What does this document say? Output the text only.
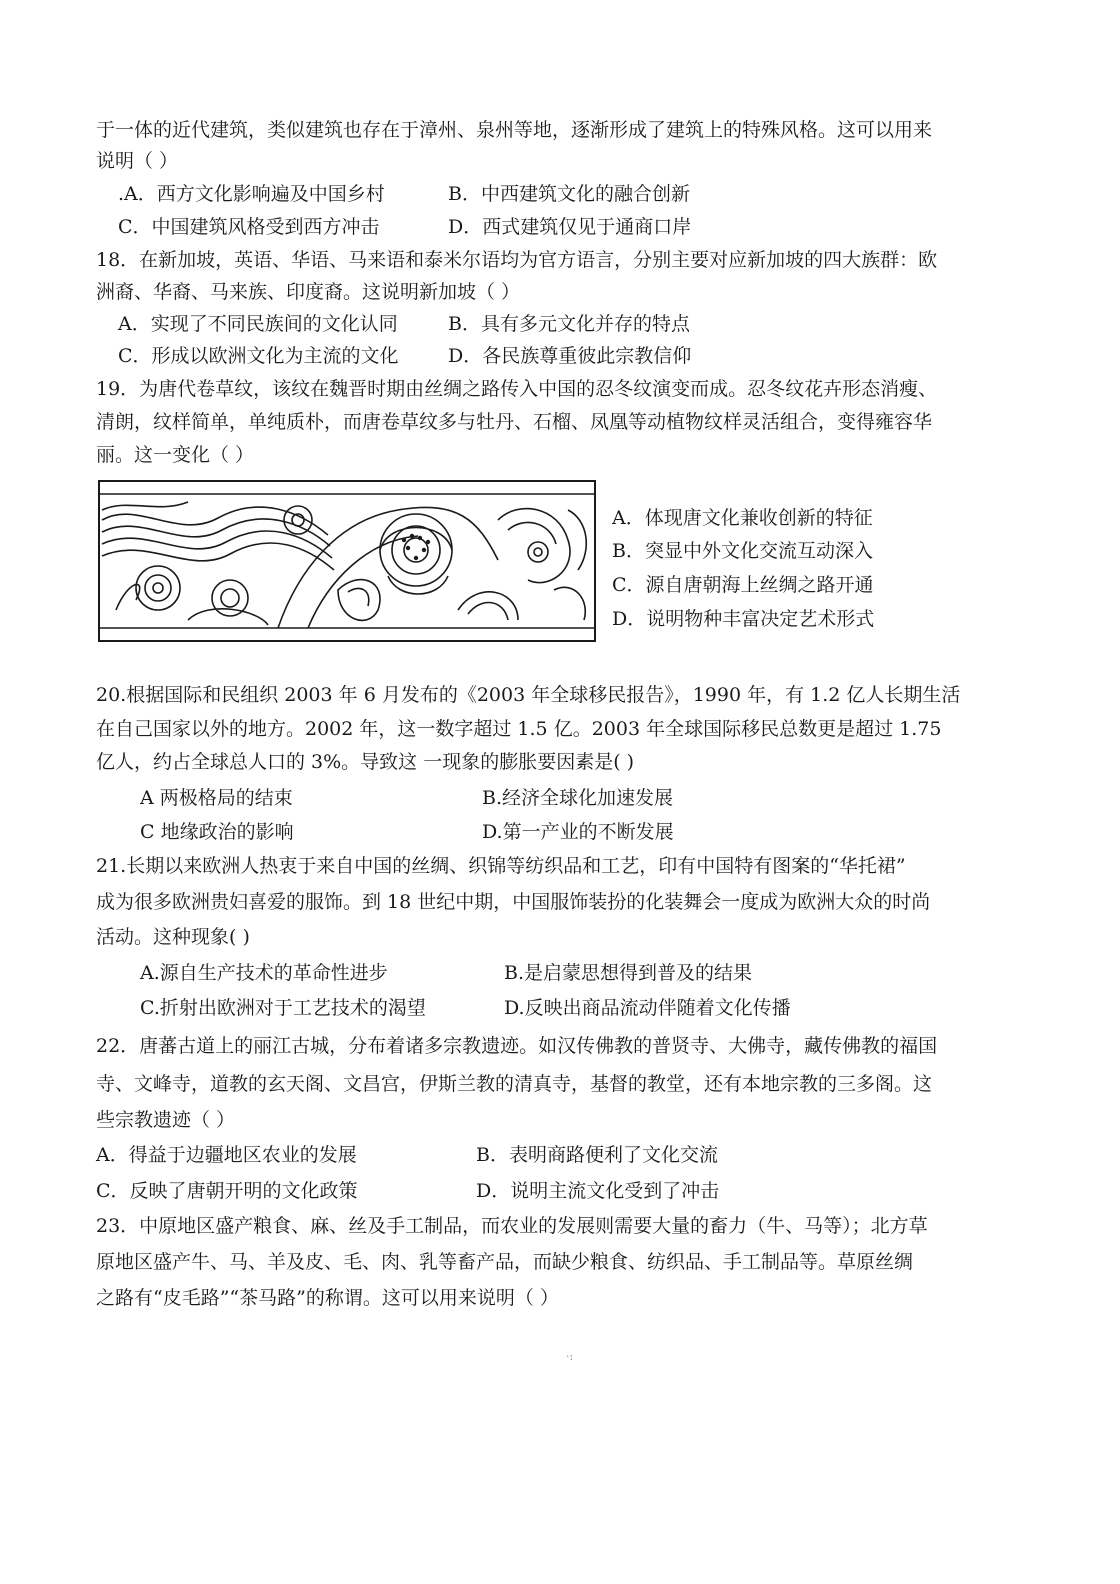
于一体的近代建筑，类似建筑也存在于漳州、泉州等地，逐渐形成了建筑上的特殊风格。这可以用来
说明（ ）
.A．西方文化影响遍及中国乡村	B．中西建筑文化的融合创新
C．中国建筑风格受到西方冲击	D．西式建筑仅见于通商口岸
18．在新加坡，英语、华语、马来语和泰米尔语均为官方语言，分别主要对应新加坡的四大族群：欧
洲裔、华裔、马来族、印度裔。这说明新加坡（ ）
A．实现了不同民族间的文化认同	B．具有多元文化并存的特点
C．形成以欧洲文化为主流的文化	D．各民族尊重彼此宗教信仰
19．为唐代卷草纹，该纹在魏晋时期由丝绸之路传入中国的忍冬纹演变而成。忍冬纹花卉形态消瘦、
清朗，纹样简单，单纯质朴，而唐卷草纹多与牡丹、石榴、凤凰等动植物纹样灵活组合，变得雍容华
丽。这一变化（ ）
A．体现唐文化兼收创新的特征
B．突显中外文化交流互动深入
C．源自唐朝海上丝绸之路开通
D．说明物种丰富决定艺术形式
20.根据国际和民组织 2003 年 6 月发布的《2003 年全球移民报告》，1990 年，有 1.2 亿人长期生活
在自己国家以外的地方。2002 年，这一数字超过 1.5 亿。2003 年全球国际移民总数更是超过 1.75
亿人，约占全球总人口的 3%。导致这 一现象的膨胀要因素是( )
A 两极格局的结束	B.经济全球化加速发展
C 地缘政治的影响	D.第一产业的不断发展
21.长期以来欧洲人热衷于来自中国的丝绸、织锦等纺织品和工艺，印有中国特有图案的“华托裙”
成为很多欧洲贵妇喜爱的服饰。到 18 世纪中期，中国服饰装扮的化装舞会一度成为欧洲大众的时尚
活动。这种现象( )
A.源自生产技术的革命性进步	B.是启蒙思想得到普及的结果
C.折射出欧洲对于工艺技术的渴望	D.反映出商品流动伴随着文化传播
22．唐蕃古道上的丽江古城，分布着诸多宗教遗迹。如汉传佛教的普贤寺、大佛寺，藏传佛教的福国
寺、文峰寺，道教的玄天阁、文昌宫，伊斯兰教的清真寺，基督的教堂，还有本地宗教的三多阁。这
些宗教遗迹（ ）
A．得益于边疆地区农业的发展	B．表明商路便利了文化交流
C．反映了唐朝开明的文化政策	D．说明主流文化受到了冲击
23．中原地区盛产粮食、麻、丝及手工制品，而农业的发展则需要大量的畜力（牛、马等）；北方草
原地区盛产牛、马、羊及皮、毛、肉、乳等畜产品，而缺少粮食、纺织品、手工制品等。草原丝绸
之路有“皮毛路”“茶马路”的称谓。这可以用来说明（ ）
·:
